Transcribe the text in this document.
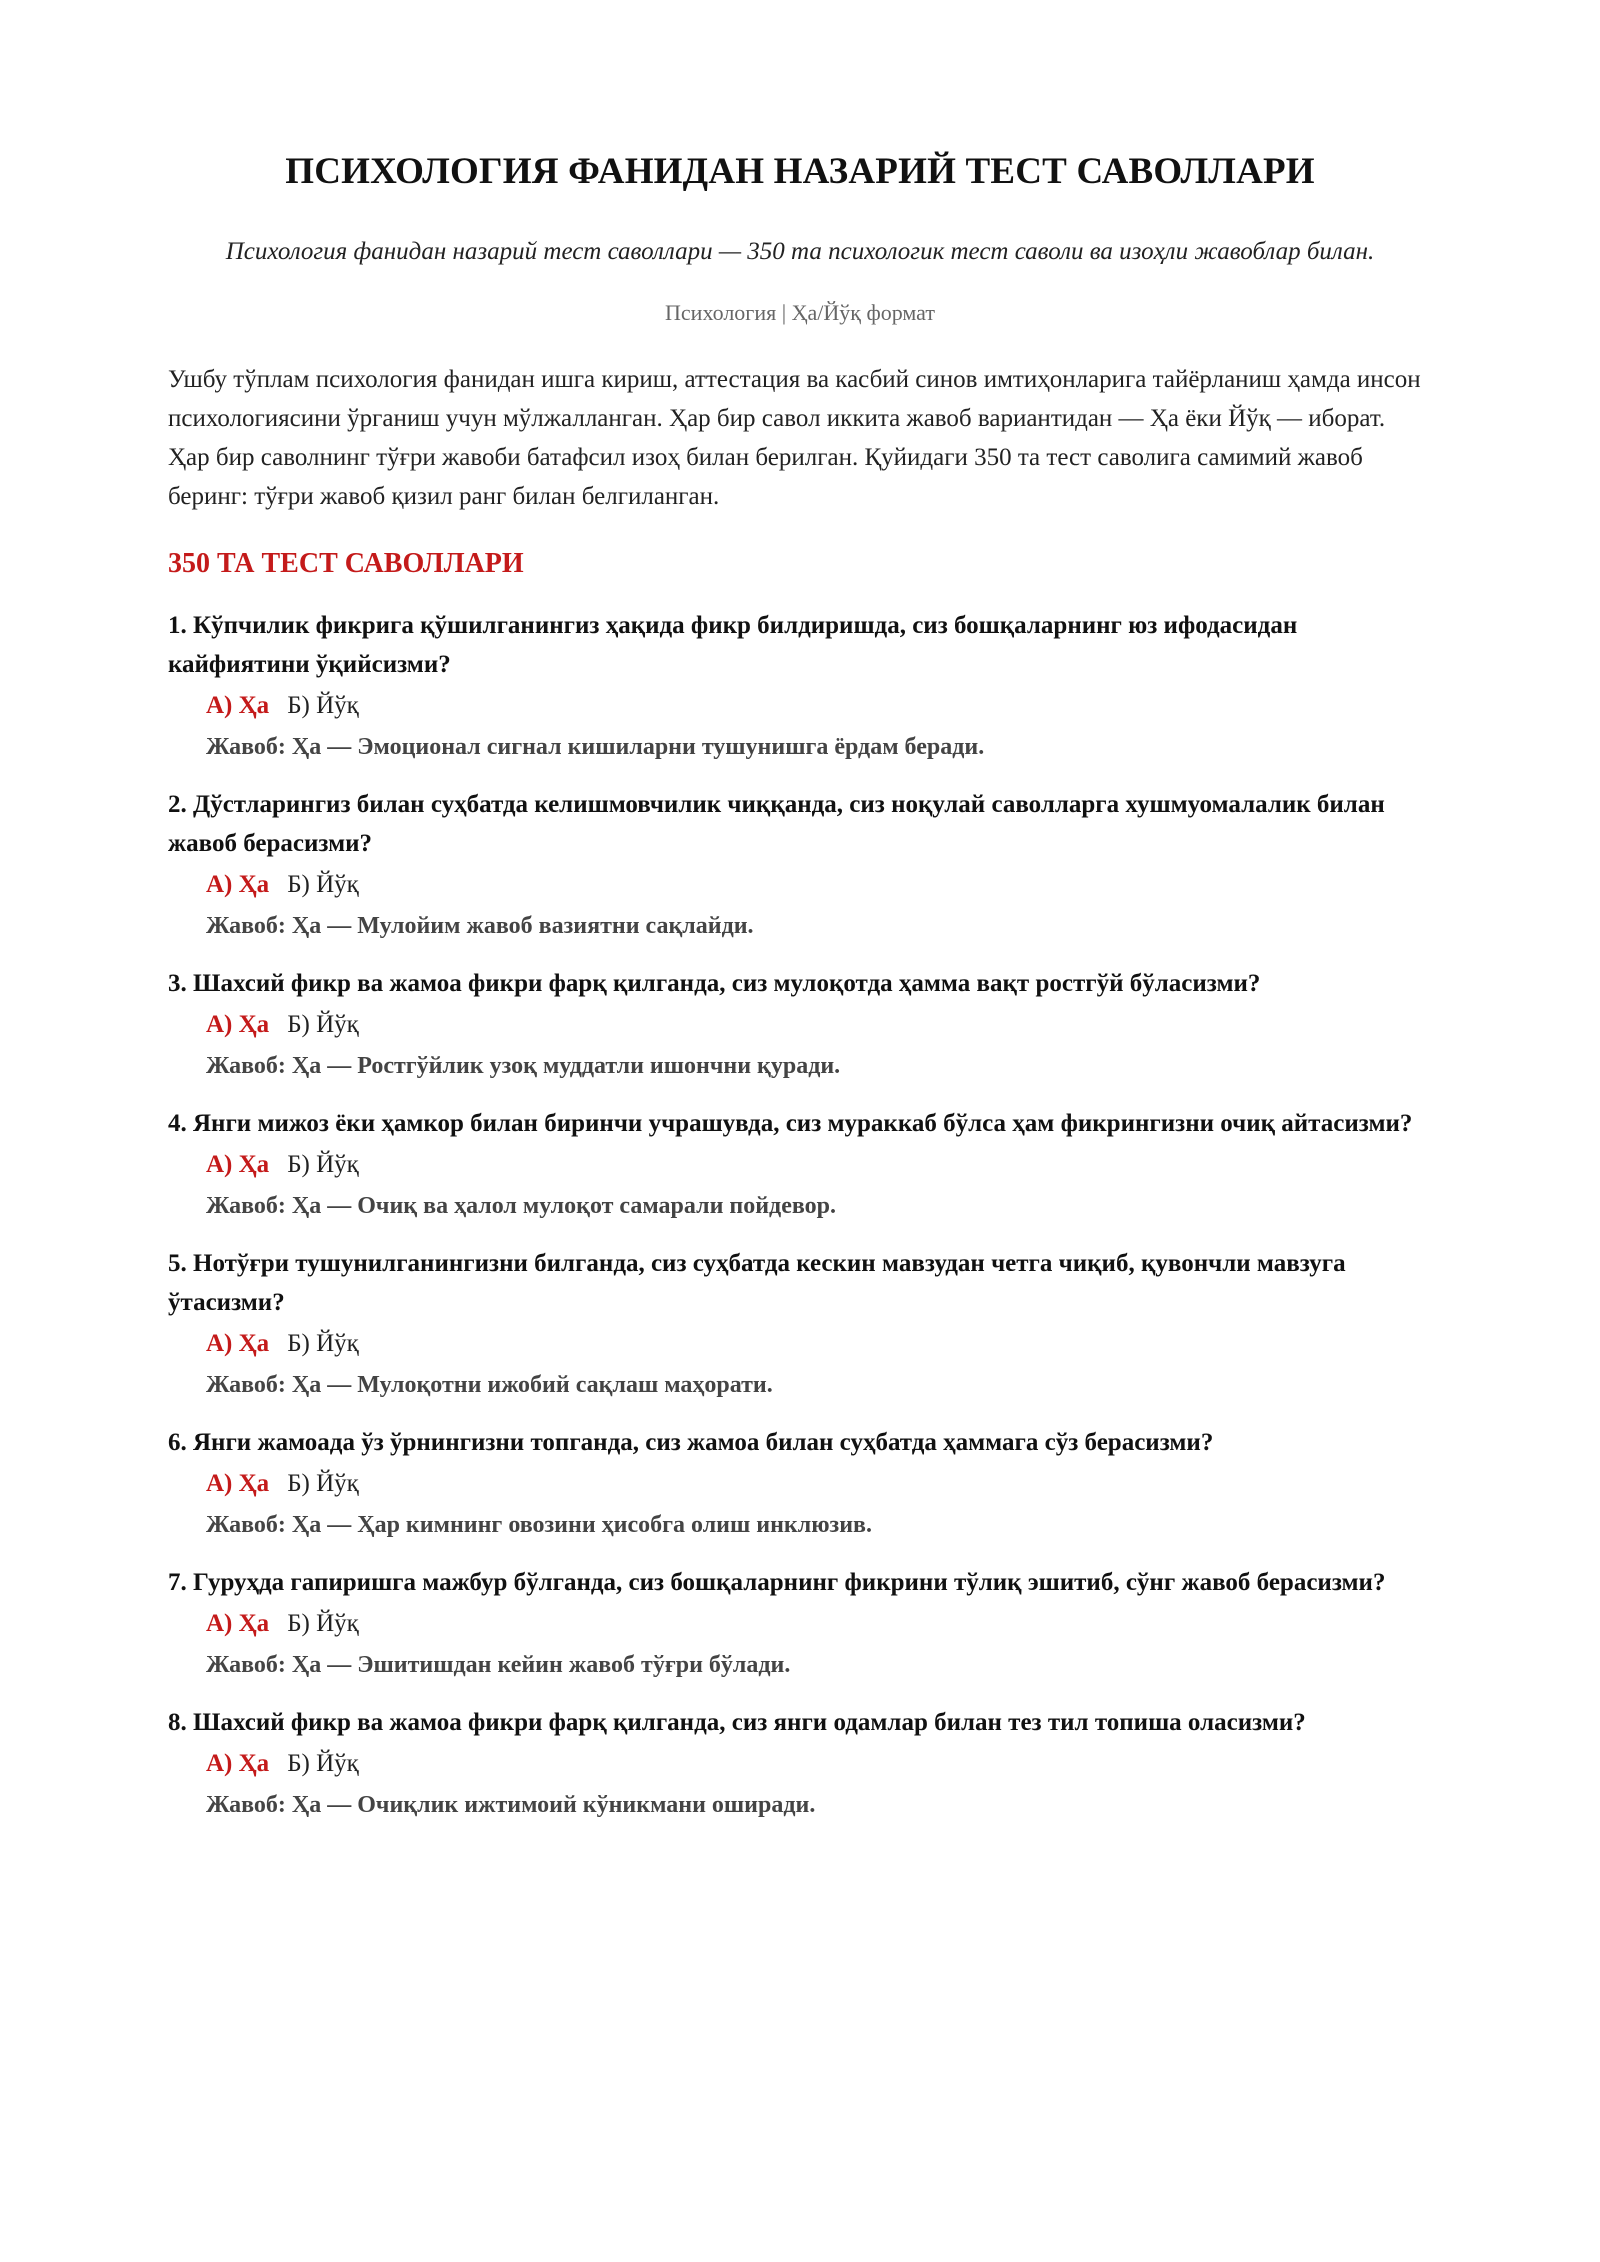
ПСИХОЛОГИЯ ФАНИДАН НАЗАРИЙ ТЕСТ САВОЛЛАРИ
Психология фанидан назарий тест саволлари — 350 та психологик тест саволи ва изоҳли жавоблар билан.
Психология | Ҳа/Йўқ формат
Ушбу тўплам психология фанидан ишга кириш, аттестация ва касбий синов имтиҳонларига тайёрланиш ҳамда инсон психологиясини ўрганиш учун мўлжалланган. Ҳар бир савол иккита жавоб вариантидан — Ҳа ёки Йўқ — иборат. Ҳар бир саволнинг тўғри жавоби батафсил изоҳ билан берилган. Қуйидаги 350 та тест саволига самимий жавоб беринг: тўғри жавоб қизил ранг билан белгиланган.
350 ТА ТЕСТ САВОЛЛАРИ
1. Кўпчилик фикрига қўшилганингиз ҳақида фикр билдиришда, сиз бошқаларнинг юз ифодасидан кайфиятини ўқийсизми?
А) Ҳа Б) Йўқ
Жавоб: Ҳа — Эмоционал сигнал кишиларни тушунишга ёрдам беради.
2. Дўстларингиз билан суҳбатда келишмовчилик чиққанда, сиз ноқулай саволларга хушмуомалалик билан жавоб берасизми?
А) Ҳа Б) Йўқ
Жавоб: Ҳа — Мулойим жавоб вазиятни сақлайди.
3. Шахсий фикр ва жамоа фикри фарқ қилганда, сиз мулоқотда ҳамма вақт ростгўй бўласизми?
А) Ҳа Б) Йўқ
Жавоб: Ҳа — Ростгўйлик узоқ муддатли ишончни қуради.
4. Янги мижоз ёки ҳамкор билан биринчи учрашувда, сиз мураккаб бўлса ҳам фикрингизни очиқ айтасизми?
А) Ҳа Б) Йўқ
Жавоб: Ҳа — Очиқ ва ҳалол мулоқот самарали пойдевор.
5. Нотўғри тушунилганингизни билганда, сиз суҳбатда кескин мавзудан четга чиқиб, қувончли мавзуга ўтасизми?
А) Ҳа Б) Йўқ
Жавоб: Ҳа — Мулоқотни ижобий сақлаш маҳорати.
6. Янги жамоада ўз ўрнингизни топганда, сиз жамоа билан суҳбатда ҳаммага сўз берасизми?
А) Ҳа Б) Йўқ
Жавоб: Ҳа — Ҳар кимнинг овозини ҳисобга олиш инклюзив.
7. Гуруҳда гапиришга мажбур бўлганда, сиз бошқаларнинг фикрини тўлиқ эшитиб, сўнг жавоб берасизми?
А) Ҳа Б) Йўқ
Жавоб: Ҳа — Эшитишдан кейин жавоб тўғри бўлади.
8. Шахсий фикр ва жамоа фикри фарқ қилганда, сиз янги одамлар билан тез тил топиша оласизми?
А) Ҳа Б) Йўқ
Жавоб: Ҳа — Очиқлик ижтимоий кўникмани оширади.
